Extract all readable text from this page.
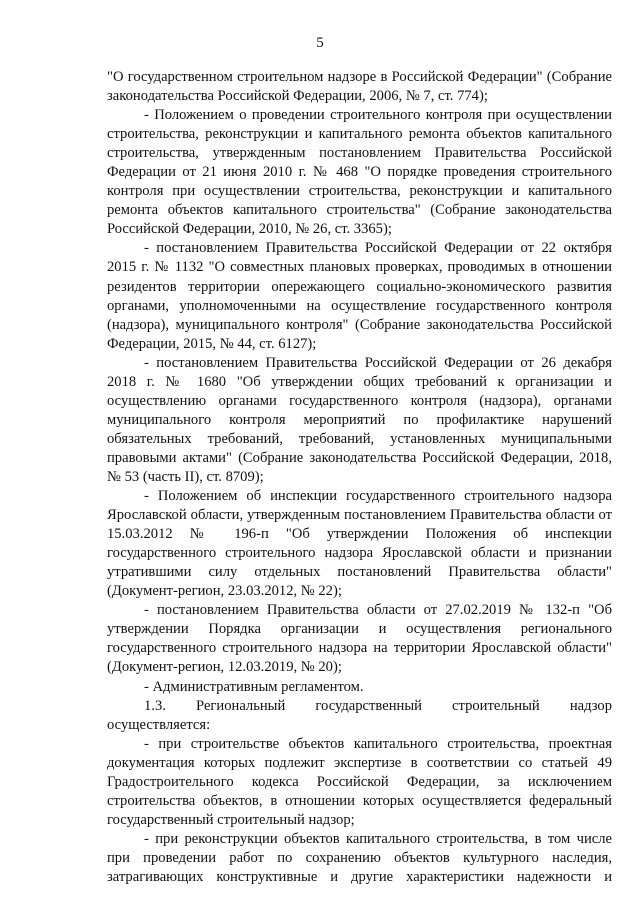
5

"О государственном строительном надзоре в Российской Федерации" (Собрание законодательства Российской Федерации, 2006, № 7, ст. 774);

- Положением о проведении строительного контроля при осуществлении строительства, реконструкции и капитального ремонта объектов капитального строительства, утвержденным постановлением Правительства Российской Федерации от 21 июня 2010 г. № 468 "О порядке проведения строительного контроля при осуществлении строительства, реконструкции и капитального ремонта объектов капитального строительства" (Собрание законодательства Российской Федерации, 2010, № 26, ст. 3365);

- постановлением Правительства Российской Федерации от 22 октября 2015 г. № 1132 "О совместных плановых проверках, проводимых в отношении резидентов территории опережающего социально-экономического развития органами, уполномоченными на осуществление государственного контроля (надзора), муниципального контроля" (Собрание законодательства Российской Федерации, 2015, № 44, ст. 6127);

- постановлением Правительства Российской Федерации от 26 декабря 2018 г. № 1680 "Об утверждении общих требований к организации и осуществлению органами государственного контроля (надзора), органами муниципального контроля мероприятий по профилактике нарушений обязательных требований, требований, установленных муниципальными правовыми актами" (Собрание законодательства Российской Федерации, 2018, № 53 (часть II), ст. 8709);

- Положением об инспекции государственного строительного надзора Ярославской области, утвержденным постановлением Правительства области от 15.03.2012 № 196-п "Об утверждении Положения об инспекции государственного строительного надзора Ярославской области и признании утратившими силу отдельных постановлений Правительства области" (Документ-регион, 23.03.2012, № 22);

- постановлением Правительства области от 27.02.2019 № 132-п "Об утверждении Порядка организации и осуществления регионального государственного строительного надзора на территории Ярославской области" (Документ-регион, 12.03.2019, № 20);

- Административным регламентом.

1.3. Региональный государственный строительный надзор осуществляется:

- при строительстве объектов капитального строительства, проектная документация которых подлежит экспертизе в соответствии со статьей 49 Градостроительного кодекса Российской Федерации, за исключением строительства объектов, в отношении которых осуществляется федеральный государственный строительный надзор;

- при реконструкции объектов капитального строительства, в том числе при проведении работ по сохранению объектов культурного наследия, затрагивающих конструктивные и другие характеристики надежности и
